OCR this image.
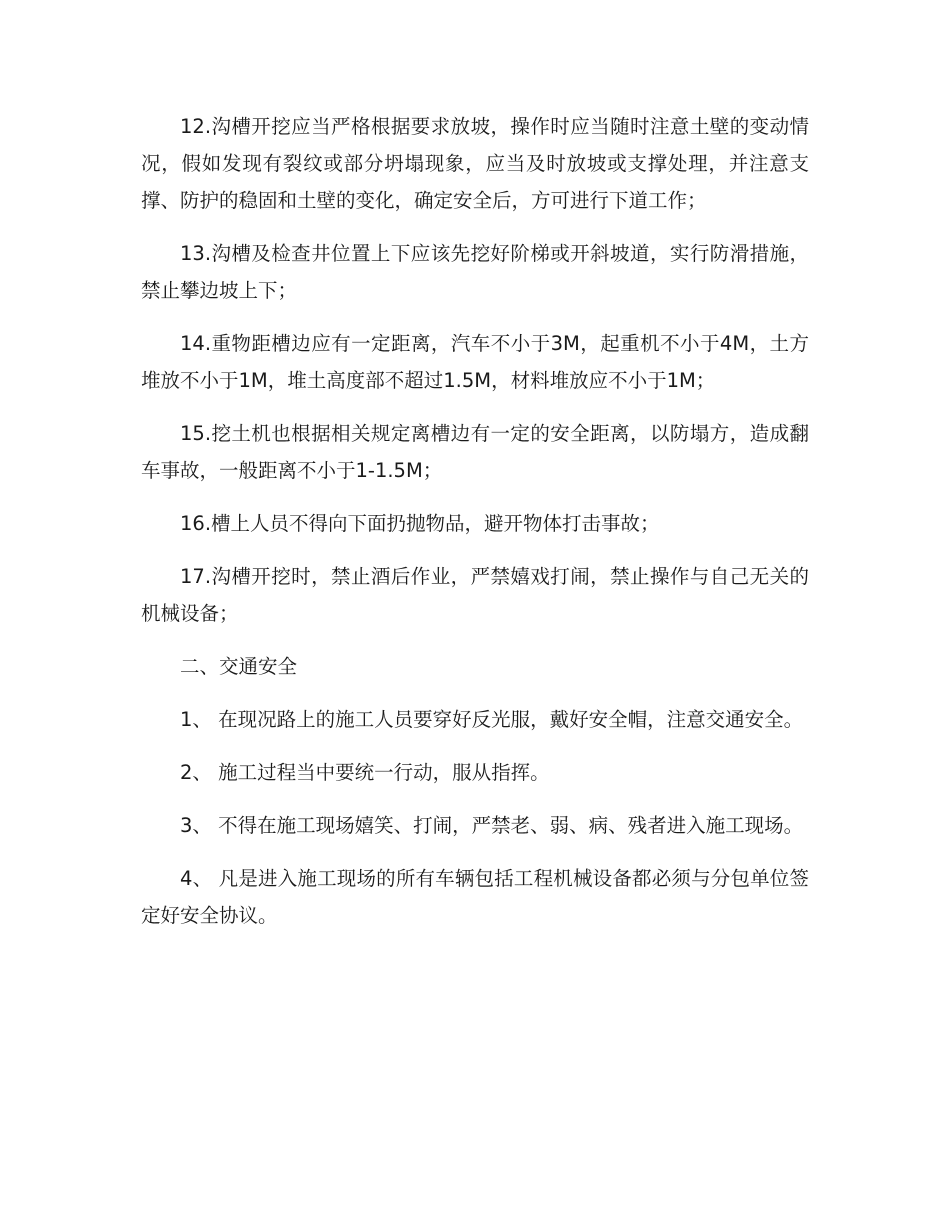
12.沟槽开挖应当严格根据要求放坡，操作时应当随时注意土壁的变动情况，假如发现有裂纹或部分坍塌现象，应当及时放坡或支撑处理，并注意支撑、防护的稳固和土壁的变化，确定安全后，方可进行下道工作；

13.沟槽及检查井位置上下应该先挖好阶梯或开斜坡道，实行防滑措施，禁止攀边坡上下；

14.重物距槽边应有一定距离，汽车不小于3M，起重机不小于4M，土方堆放不小于1M，堆土高度部不超过1.5M，材料堆放应不小于1M；

15.挖土机也根据相关规定离槽边有一定的安全距离，以防塌方，造成翻车事故，一般距离不小于1-1.5M；

16.槽上人员不得向下面扔抛物品，避开物体打击事故；

17.沟槽开挖时，禁止酒后作业，严禁嬉戏打闹，禁止操作与自己无关的机械设备；

二、交通安全

1、 在现况路上的施工人员要穿好反光服，戴好安全帽，注意交通安全。

2、 施工过程当中要统一行动，服从指挥。

3、 不得在施工现场嬉笑、打闹，严禁老、弱、病、残者进入施工现场。

4、 凡是进入施工现场的所有车辆包括工程机械设备都必须与分包单位签定好安全协议。
